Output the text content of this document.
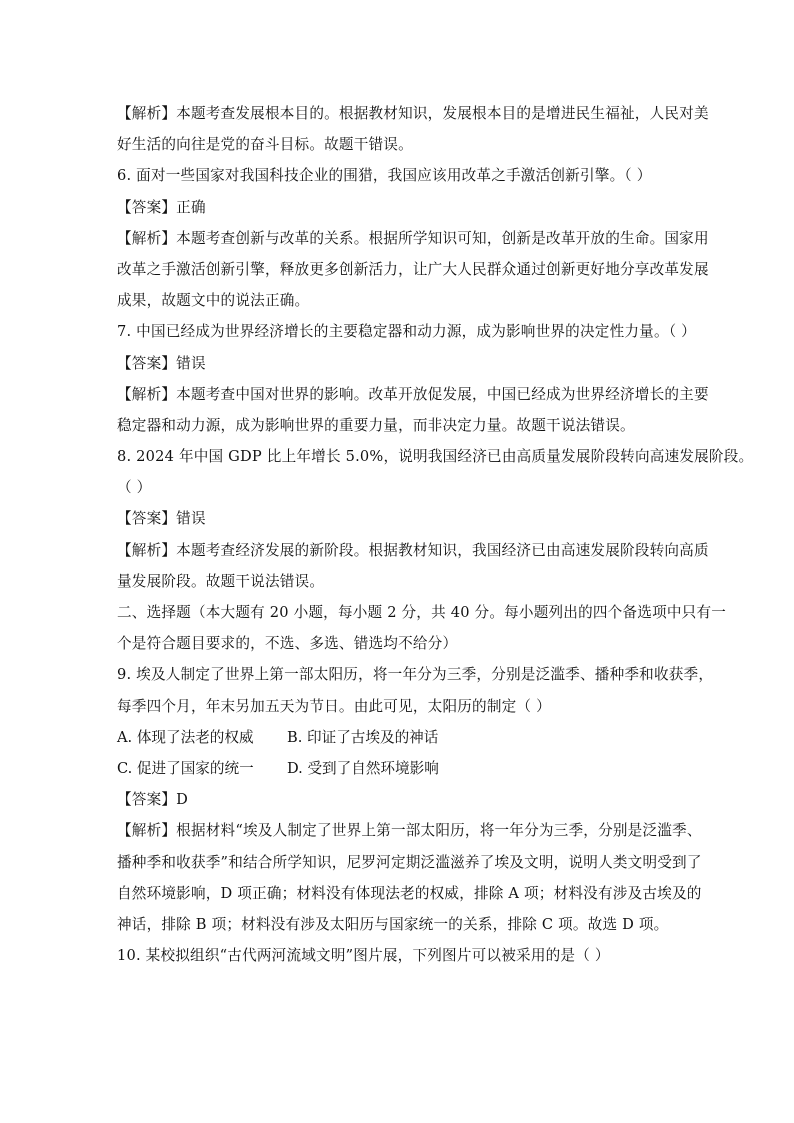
【解析】本题考查发展根本目的。根据教材知识，发展根本目的是增进民生福祉，人民对美
好生活的向往是党的奋斗目标。故题干错误。
6. 面对一些国家对我国科技企业的围猎，我国应该用改革之手激活创新引擎。（ ）
【答案】正确
【解析】本题考查创新与改革的关系。根据所学知识可知，创新是改革开放的生命。国家用
改革之手激活创新引擎，释放更多创新活力，让广大人民群众通过创新更好地分享改革发展
成果，故题文中的说法正确。
7. 中国已经成为世界经济增长的主要稳定器和动力源，成为影响世界的决定性力量。（ ）
【答案】错误
【解析】本题考查中国对世界的影响。改革开放促发展，中国已经成为世界经济增长的主要
稳定器和动力源，成为影响世界的重要力量，而非决定力量。故题干说法错误。
8. 2024 年中国 GDP 比上年增长 5.0%，说明我国经济已由高质量发展阶段转向高速发展阶段。
（ ）
【答案】错误
【解析】本题考查经济发展的新阶段。根据教材知识，我国经济已由高速发展阶段转向高质
量发展阶段。故题干说法错误。
二、选择题（本大题有 20 小题，每小题 2 分，共 40 分。每小题列出的四个备选项中只有一
个是符合题目要求的，不选、多选、错选均不给分）
9. 埃及人制定了世界上第一部太阳历，将一年分为三季，分别是泛滥季、播种季和收获季，
每季四个月，年末另加五天为节日。由此可见，太阳历的制定（ ）
A. 体现了法老的权威	B. 印证了古埃及的神话
C. 促进了国家的统一	D. 受到了自然环境影响
【答案】D
【解析】根据材料“埃及人制定了世界上第一部太阳历，将一年分为三季，分别是泛滥季、
播种季和收获季”和结合所学知识，尼罗河定期泛滥滋养了埃及文明，说明人类文明受到了
自然环境影响，D 项正确；材料没有体现法老的权威，排除 A 项；材料没有涉及古埃及的
神话，排除 B 项；材料没有涉及太阳历与国家统一的关系，排除 C 项。故选 D 项。
10. 某校拟组织“古代两河流域文明”图片展，下列图片可以被采用的是（ ）
